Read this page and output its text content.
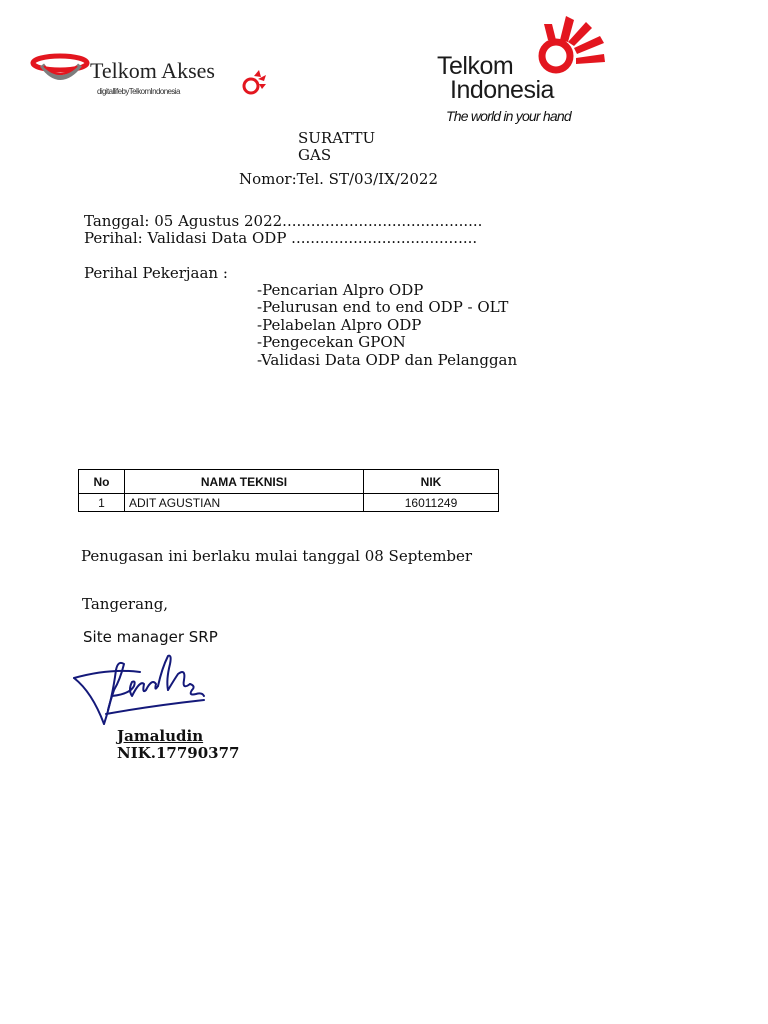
Telkom Akses
digitallifebyTelkomIndonesia
Telkom
Indonesia
The world in your hand
SURATTU
GAS
Nomor:Tel. ST/03/IX/2022
Tanggal: 05 Agustus 2022..........................................
Perihal: Validasi Data ODP .......................................
Perihal Pekerjaan :
-Pencarian Alpro ODP
-Pelurusan end to end ODP - OLT
-Pelabelan Alpro ODP
-Pengecekan GPON
-Validasi Data ODP dan Pelanggan
No	NAMA TEKNISI	NIK
1	ADIT AGUSTIAN	16011249
Penugasan ini berlaku mulai tanggal 08 September
Tangerang,
Site manager SRP
Jamaludin
NIK.17790377
